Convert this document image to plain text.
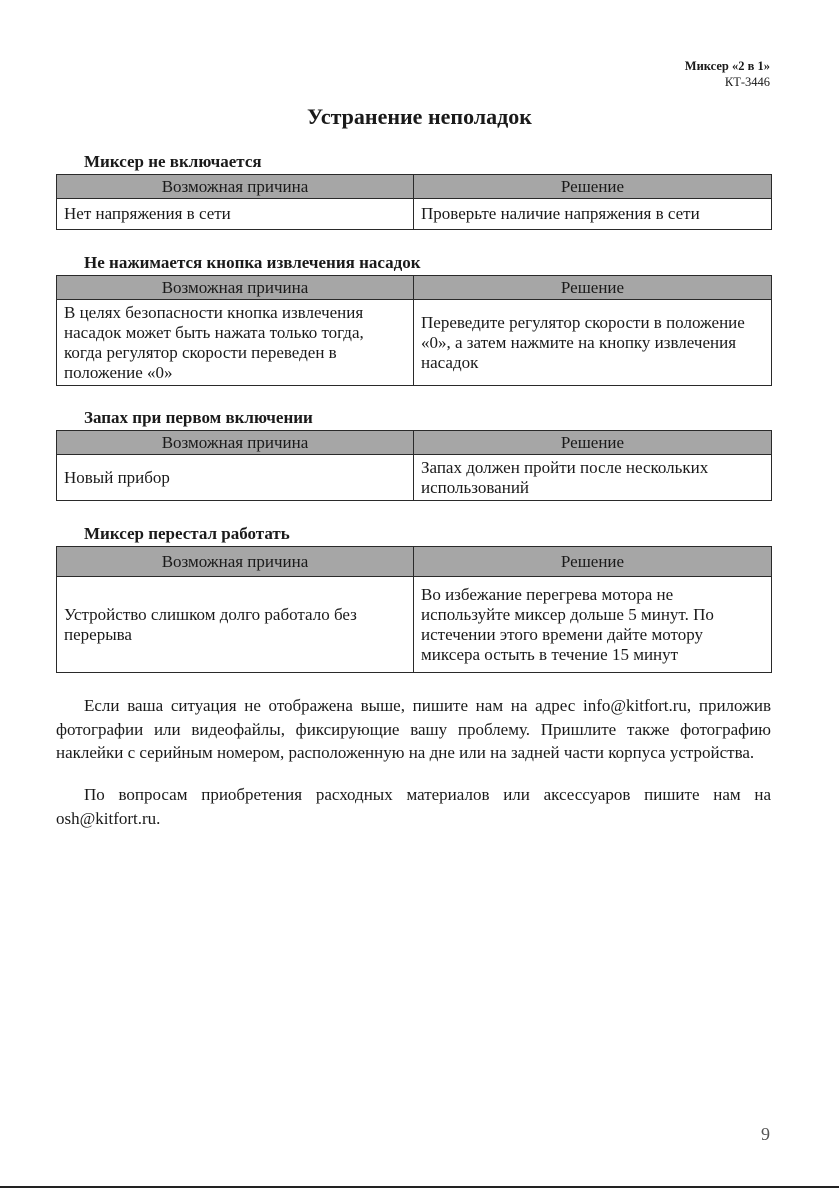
Миксер «2 в 1»
КТ-3446
Устранение неполадок
Миксер не включается
Возможная причина	Решение
Нет напряжения в сети	Проверьте наличие напряжения в сети
Не нажимается кнопка извлечения насадок
Возможная причина	Решение
В целях безопасности кнопка извлечения насадок может быть нажата только тогда, когда регулятор скорости переведен в положение «0»	Переведите регулятор скорости в положение «0», а затем нажмите на кнопку извлечения насадок
Запах при первом включении
Возможная причина	Решение
Новый прибор	Запах должен пройти после нескольких использований
Миксер перестал работать
Возможная причина	Решение
Устройство слишком долго работало без перерыва	Во избежание перегрева мотора не используйте миксер дольше 5 минут. По истечении этого времени дайте мотору миксера остыть в течение 15 минут
Если ваша ситуация не отображена выше, пишите нам на адрес info@kitfort.ru, приложив фотографии или видеофайлы, фиксирующие вашу проблему. Пришлите также фотографию наклейки с серийным номером, расположенную на дне или на задней части корпуса устройства.
По вопросам приобретения расходных материалов или аксессуаров пишите нам на osh@kitfort.ru.
9
